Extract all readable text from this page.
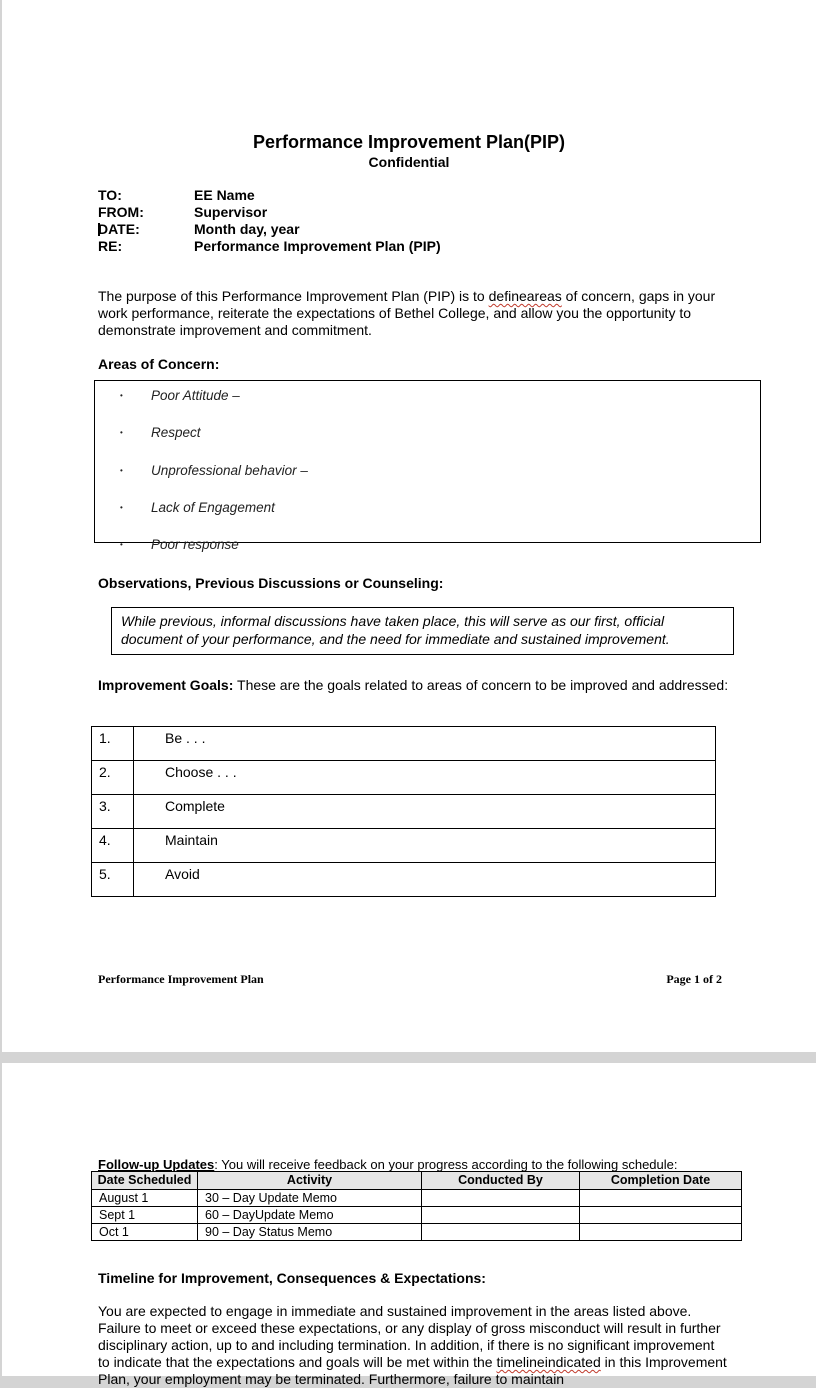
Performance Improvement Plan(PIP)
Confidential
TO:	EE Name
FROM:	Supervisor
DATE:	Month day, year
RE:	Performance Improvement Plan (PIP)
The purpose of this Performance Improvement Plan (PIP) is to defineareas of concern, gaps in your work performance, reiterate the expectations of Bethel College, and allow you the opportunity to demonstrate improvement and commitment.
Areas of Concern:
•	Poor Attitude –
•	Respect
•	Unprofessional behavior –
•	Lack of Engagement
•	Poor response
Observations, Previous Discussions or Counseling:
While previous, informal discussions have taken place, this will serve as our first, official document of your performance, and the need for immediate and sustained improvement.
Improvement Goals: These are the goals related to areas of concern to be improved and addressed:
1.	Be . . .
2.	Choose . . .
3.	Complete
4.	Maintain
5.	Avoid
Performance Improvement Plan	Page 1 of 2
Follow-up Updates: You will receive feedback on your progress according to the following schedule:
Date Scheduled	Activity	Conducted By	Completion Date
August 1	30 – Day Update Memo		
Sept 1	60 – DayUpdate Memo		
Oct 1	90 – Day Status Memo		
Timeline for Improvement, Consequences & Expectations:
You are expected to engage in immediate and sustained improvement in the areas listed above. Failure to meet or exceed these expectations, or any display of gross misconduct will result in further disciplinary action, up to and including termination. In addition, if there is no significant improvement to indicate that the expectations and goals will be met within the timelineindicated in this Improvement Plan, your employment may be terminated. Furthermore, failure to maintain
